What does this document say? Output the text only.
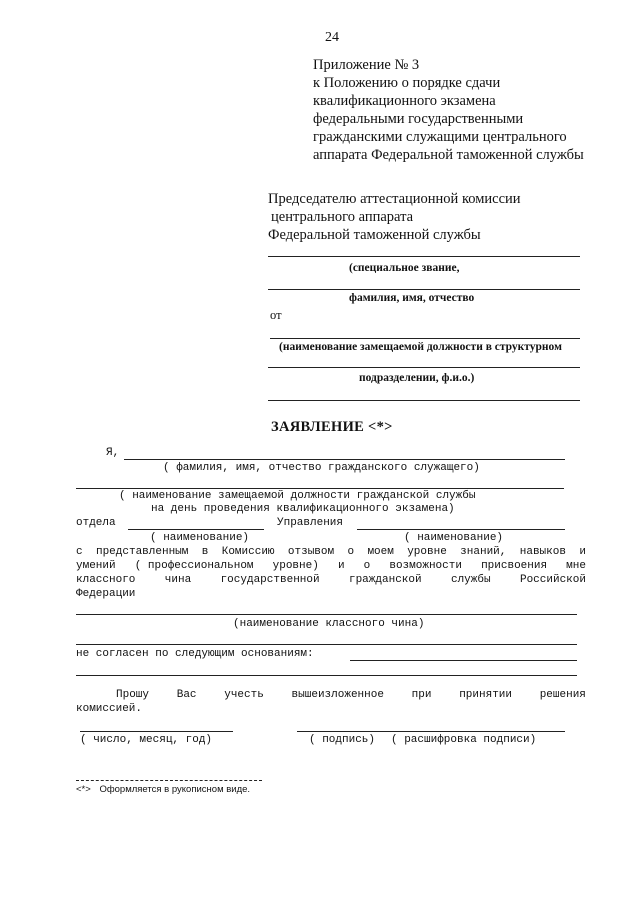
24
Приложение № 3
к Положению о порядке сдачи
квалификационного экзамена
федеральными государственными
гражданскими служащими центрального
аппарата Федеральной таможенной службы
Председателю аттестационной комиссии
центрального аппарата
Федеральной таможенной службы
(специальное звание,
фамилия, имя, отчество
от
(наименование замещаемой должности в структурном
подразделении, ф.и.о.)
ЗАЯВЛЕНИЕ <*>
Я,
( фамилия, имя, отчество гражданского служащего)
( наименование замещаемой должности гражданской службы
на день проведения квалификационного экзамена)
отдела	Управления
( наименование)	( наименование)
с представленным в Комиссию отзывом о моем уровне знаний, навыков и
умений ( профессиональном уровне) и о возможности присвоения мне
классного	чина	государственной	гражданской	службы	Российской
Федерации
(наименование классного чина)
не согласен по следующим основаниям:
Прошу	Вас	учесть	вышеизложенное	при	принятии	решения
комиссией.
( число, месяц, год)	( подпись) ( расшифровка подписи)
<*> Оформляется в рукописном виде.
